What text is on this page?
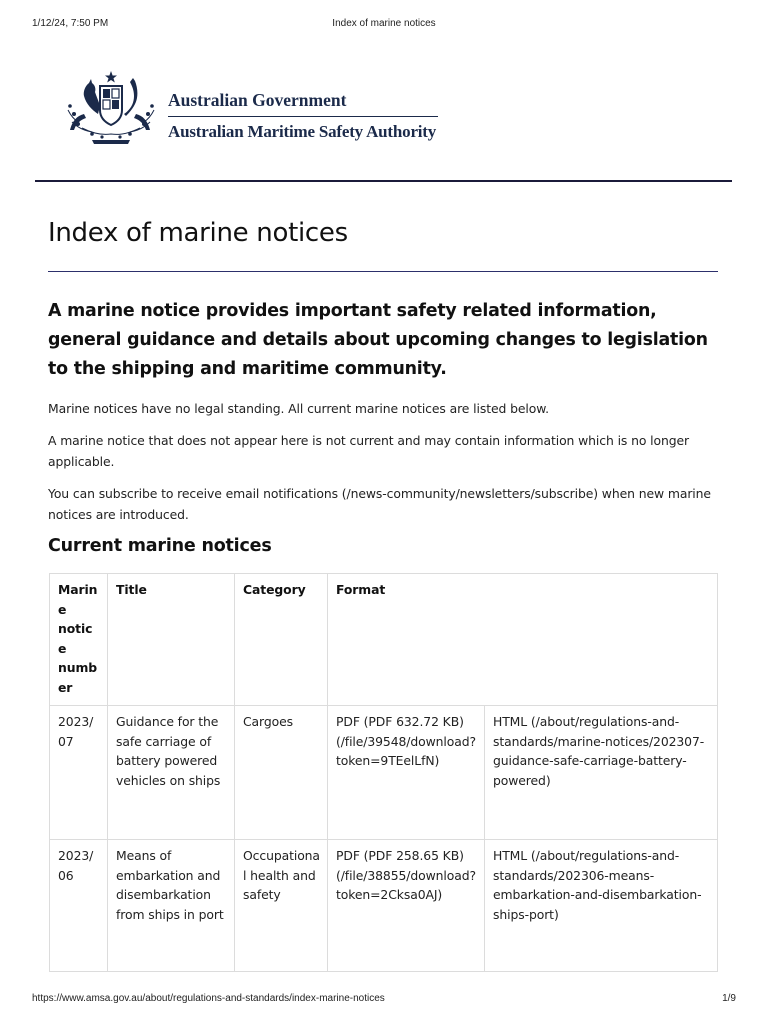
1/12/24, 7:50 PM	Index of marine notices
Australian Government
Australian Maritime Safety Authority
Index of marine notices

A marine notice provides important safety related information, general guidance and details about upcoming changes to legislation to the shipping and maritime community.

Marine notices have no legal standing. All current marine notices are listed below.

A marine notice that does not appear here is not current and may contain information which is no longer applicable.

You can subscribe to receive email notifications (/news-community/newsletters/subscribe) when new marine notices are introduced.

Current marine notices
Marine notice number	Title	Category	Format	
2023/07	Guidance for the safe carriage of battery powered vehicles on ships	Cargoes	PDF (PDF 632.72 KB) (/file/39548/download?token=9TEelLfN)	HTML (/about/regulations-and-standards/marine-notices/202307-guidance-safe-carriage-battery-powered)
2023/06	Means of embarkation and disembarkation from ships in port	Occupational health and safety	PDF (PDF 258.65 KB) (/file/38855/download?token=2Cksa0AJ)	HTML (/about/regulations-and-standards/202306-means-embarkation-and-disembarkation-ships-port)
https://www.amsa.gov.au/about/regulations-and-standards/index-marine-notices	1/9
